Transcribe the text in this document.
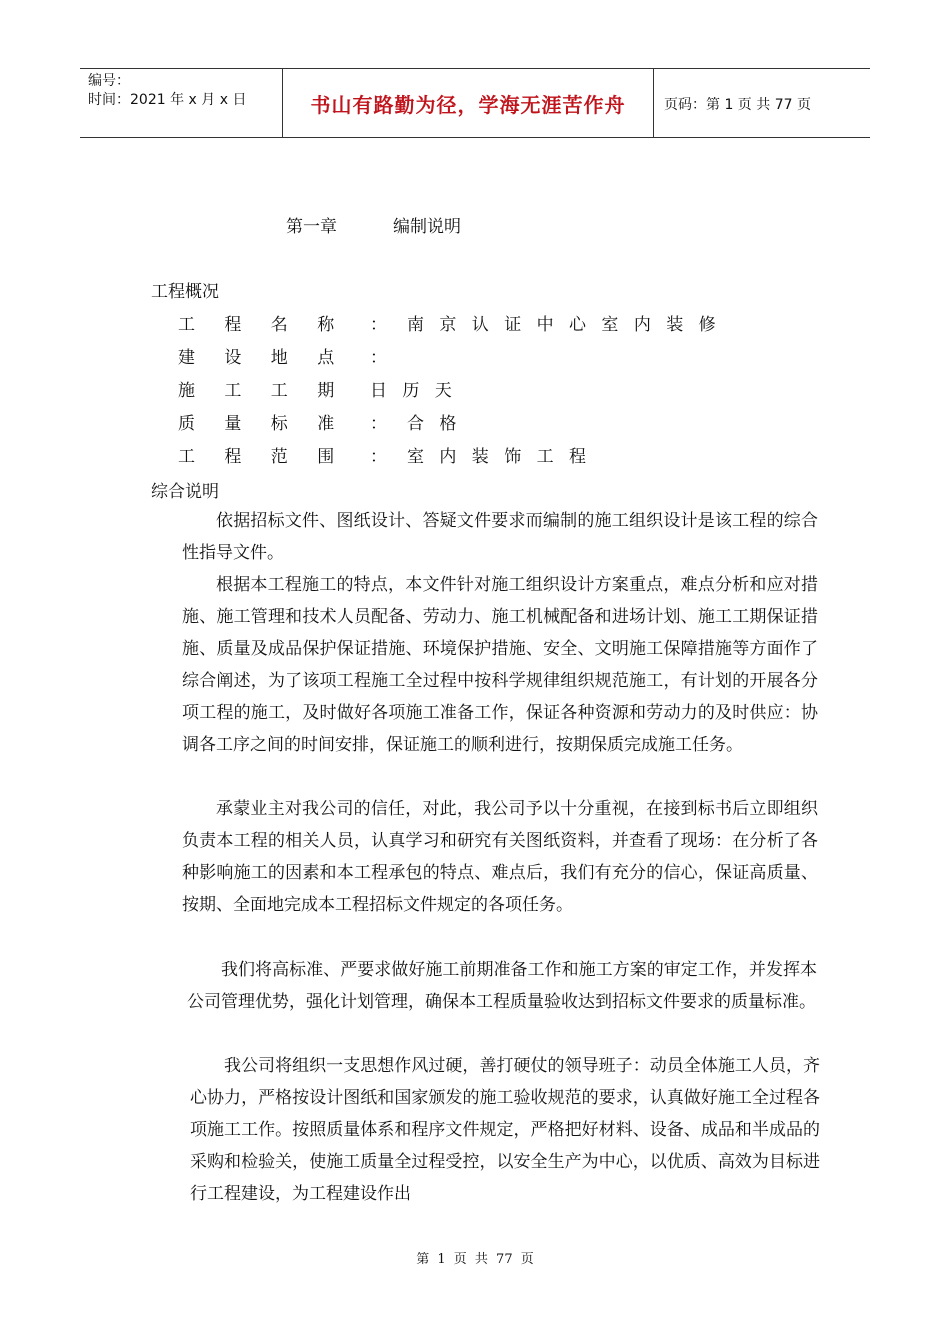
编号：
时间：2021 年 x 月 x 日	书山有路勤为径，学海无涯苦作舟	页码：第 1 页 共 77 页
第一章	编制说明
工程概况
工 程 名 称 ： 南 京 认 证 中 心 室 内 装 修
建 设 地 点 ：
施 工 工 期 日 历 天
质 量 标 准 ： 合 格
工 程 范 围 ： 室 内 装 饰 工 程
综合说明

依据招标文件、图纸设计、答疑文件要求而编制的施工组织设计是该工程的综合性指导文件。

根据本工程施工的特点，本文件针对施工组织设计方案重点，难点分析和应对措施、施工管理和技术人员配备、劳动力、施工机械配备和进场计划、施工工期保证措施、质量及成品保护保证措施、环境保护措施、安全、文明施工保障措施等方面作了综合阐述，为了该项工程施工全过程中按科学规律组织规范施工，有计划的开展各分项工程的施工，及时做好各项施工准备工作，保证各种资源和劳动力的及时供应：协调各工序之间的时间安排，保证施工的顺利进行，按期保质完成施工任务。

承蒙业主对我公司的信任，对此，我公司予以十分重视，在接到标书后立即组织负责本工程的相关人员，认真学习和研究有关图纸资料，并查看了现场：在分析了各种影响施工的因素和本工程承包的特点、难点后，我们有充分的信心，保证高质量、按期、全面地完成本工程招标文件规定的各项任务。

我们将高标准、严要求做好施工前期准备工作和施工方案的审定工作，并发挥本公司管理优势，强化计划管理，确保本工程质量验收达到招标文件要求的质量标准。

我公司将组织一支思想作风过硬，善打硬仗的领导班子：动员全体施工人员，齐心协力，严格按设计图纸和国家颁发的施工验收规范的要求，认真做好施工全过程各项施工工作。按照质量体系和程序文件规定，严格把好材料、设备、成品和半成品的采购和检验关，使施工质量全过程受控，以安全生产为中心，以优质、高效为目标进行工程建设，为工程建设作出

第 1 页 共 77 页
